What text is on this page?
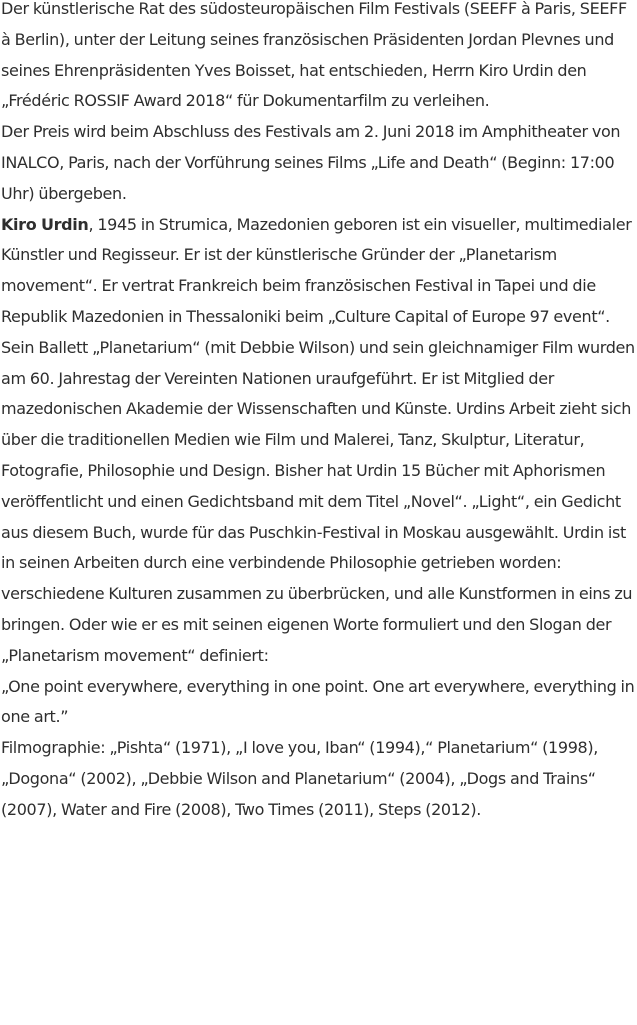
Der künstlerische Rat des südosteuropäischen Film Festivals (SEEFF à Paris, SEEFF à Berlin), unter der Leitung seines französischen Präsidenten Jordan Plevnes und seines Ehrenpräsidenten Yves Boisset, hat entschieden, Herrn Kiro Urdin den „Frédéric ROSSIF Award 2018“ für Dokumentarfilm zu verleihen.

Der Preis wird beim Abschluss des Festivals am 2. Juni 2018 im Amphitheater von INALCO, Paris, nach der Vorführung seines Films „Life and Death“ (Beginn: 17:00 Uhr) übergeben.

Kiro Urdin, 1945 in Strumica, Mazedonien geboren ist ein visueller, multimedialer Künstler und Regisseur. Er ist der künstlerische Gründer der „Planetarism movement“. Er vertrat Frankreich beim französischen Festival in Tapei und die Republik Mazedonien in Thessaloniki beim „Culture Capital of Europe 97 event“. Sein Ballett „Planetarium“ (mit Debbie Wilson) und sein gleichnamiger Film wurden am 60. Jahrestag der Vereinten Nationen uraufgeführt. Er ist Mitglied der mazedonischen Akademie der Wissenschaften und Künste. Urdins Arbeit zieht sich über die traditionellen Medien wie Film und Malerei, Tanz, Skulptur, Literatur, Fotografie, Philosophie und Design. Bisher hat Urdin 15 Bücher mit Aphorismen veröffentlicht und einen Gedichtsband mit dem Titel „Novel“. „Light“, ein Gedicht aus diesem Buch, wurde für das Puschkin-Festival in Moskau ausgewählt. Urdin ist in seinen Arbeiten durch eine verbindende Philosophie getrieben worden: verschiedene Kulturen zusammen zu überbrücken, und alle Kunstformen in eins zu bringen. Oder wie er es mit seinen eigenen Worte formuliert und den Slogan der „Planetarism movement“ definiert:

„One point everywhere, everything in one point. One art everywhere, everything in one art.”

Filmographie: „Pishta“ (1971), „I love you, Iban“ (1994),“ Planetarium“ (1998), „Dogona“ (2002), „Debbie Wilson and Planetarium“ (2004), „Dogs and Trains“ (2007), Water and Fire (2008), Two Times (2011), Steps (2012).
